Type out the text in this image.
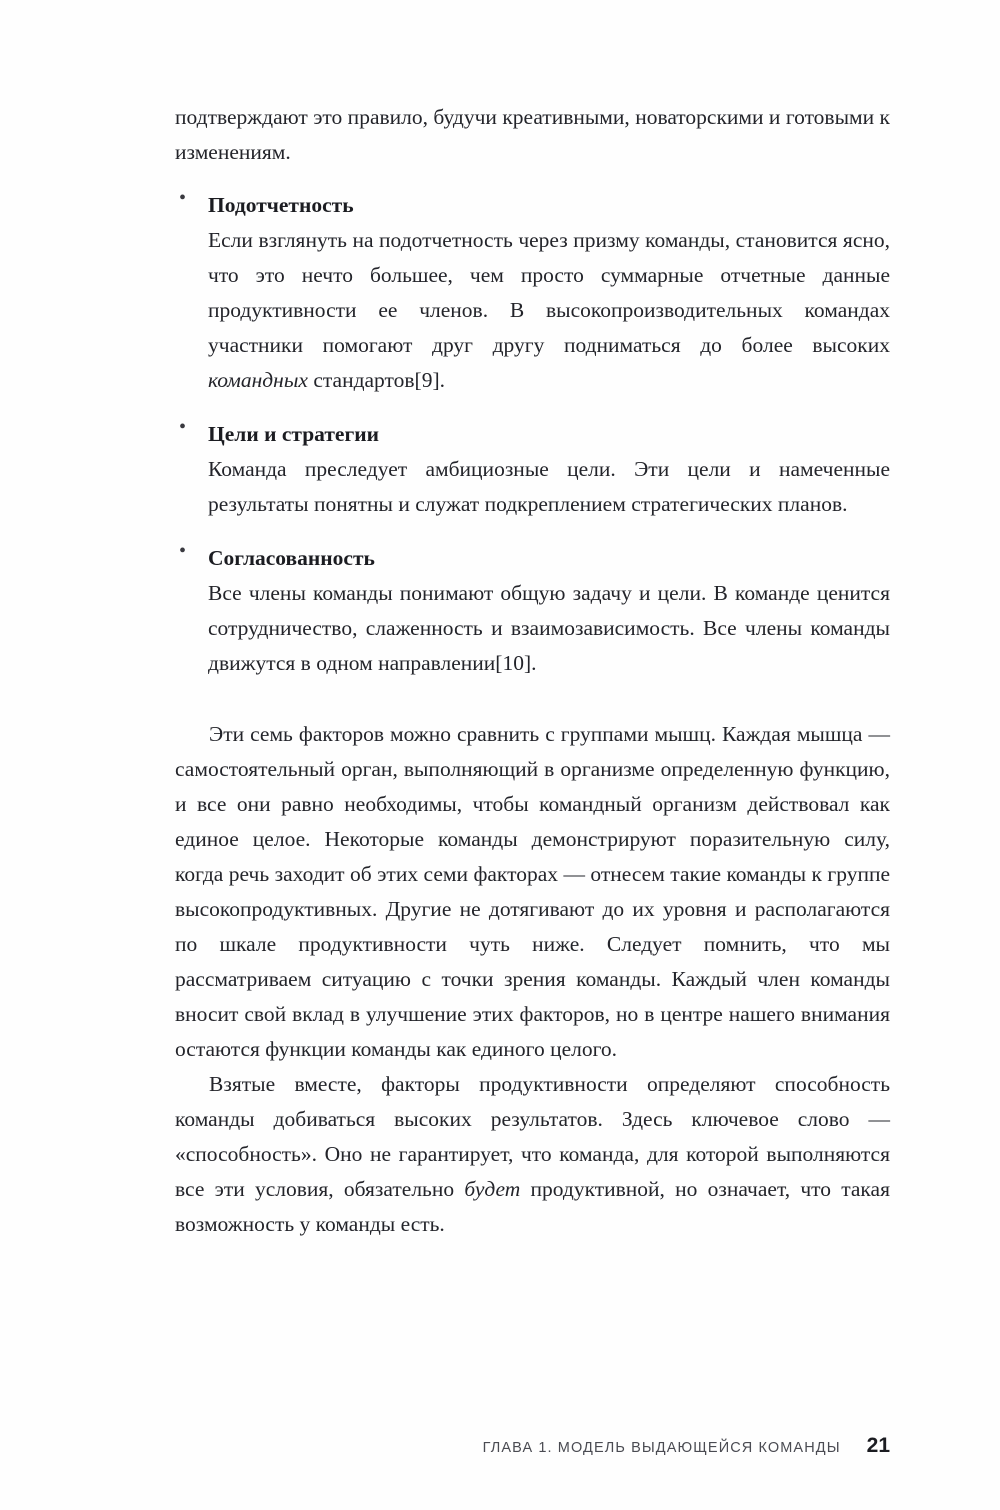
подтверждают это правило, будучи креативными, новаторскими и готовыми к изменениям.

• Подотчетность
Если взглянуть на подотчетность через призму команды, становится ясно, что это нечто большее, чем просто суммарные отчетные данные продуктивности ее членов. В высокопроизводительных командах участники помогают друг другу подниматься до более высоких командных стандартов[9].
• Цели и стратегии
Команда преследует амбициозные цели. Эти цели и намеченные результаты понятны и служат подкреплением стратегических планов.
• Согласованность
Все члены команды понимают общую задачу и цели. В команде ценится сотрудничество, слаженность и взаимозависимость. Все члены команды движутся в одном направлении[10].

Эти семь факторов можно сравнить с группами мышц. Каждая мышца — самостоятельный орган, выполняющий в организме определенную функцию, и все они равно необходимы, чтобы командный организм действовал как единое целое. Некоторые команды демонстрируют поразительную силу, когда речь заходит об этих семи факторах — отнесем такие команды к группе высокопродуктивных. Другие не дотягивают до их уровня и располагаются по шкале продуктивности чуть ниже. Следует помнить, что мы рассматриваем ситуацию с точки зрения команды. Каждый член команды вносит свой вклад в улучшение этих факторов, но в центре нашего внимания остаются функции команды как единого целого.

Взятые вместе, факторы продуктивности определяют способность команды добиваться высоких результатов. Здесь ключевое слово — «способность». Оно не гарантирует, что команда, для которой выполняются все эти условия, обязательно будет продуктивной, но означает, что такая возможность у команды есть.

ГЛАВА 1. МОДЕЛЬ ВЫДАЮЩЕЙСЯ КОМАНДЫ 21
